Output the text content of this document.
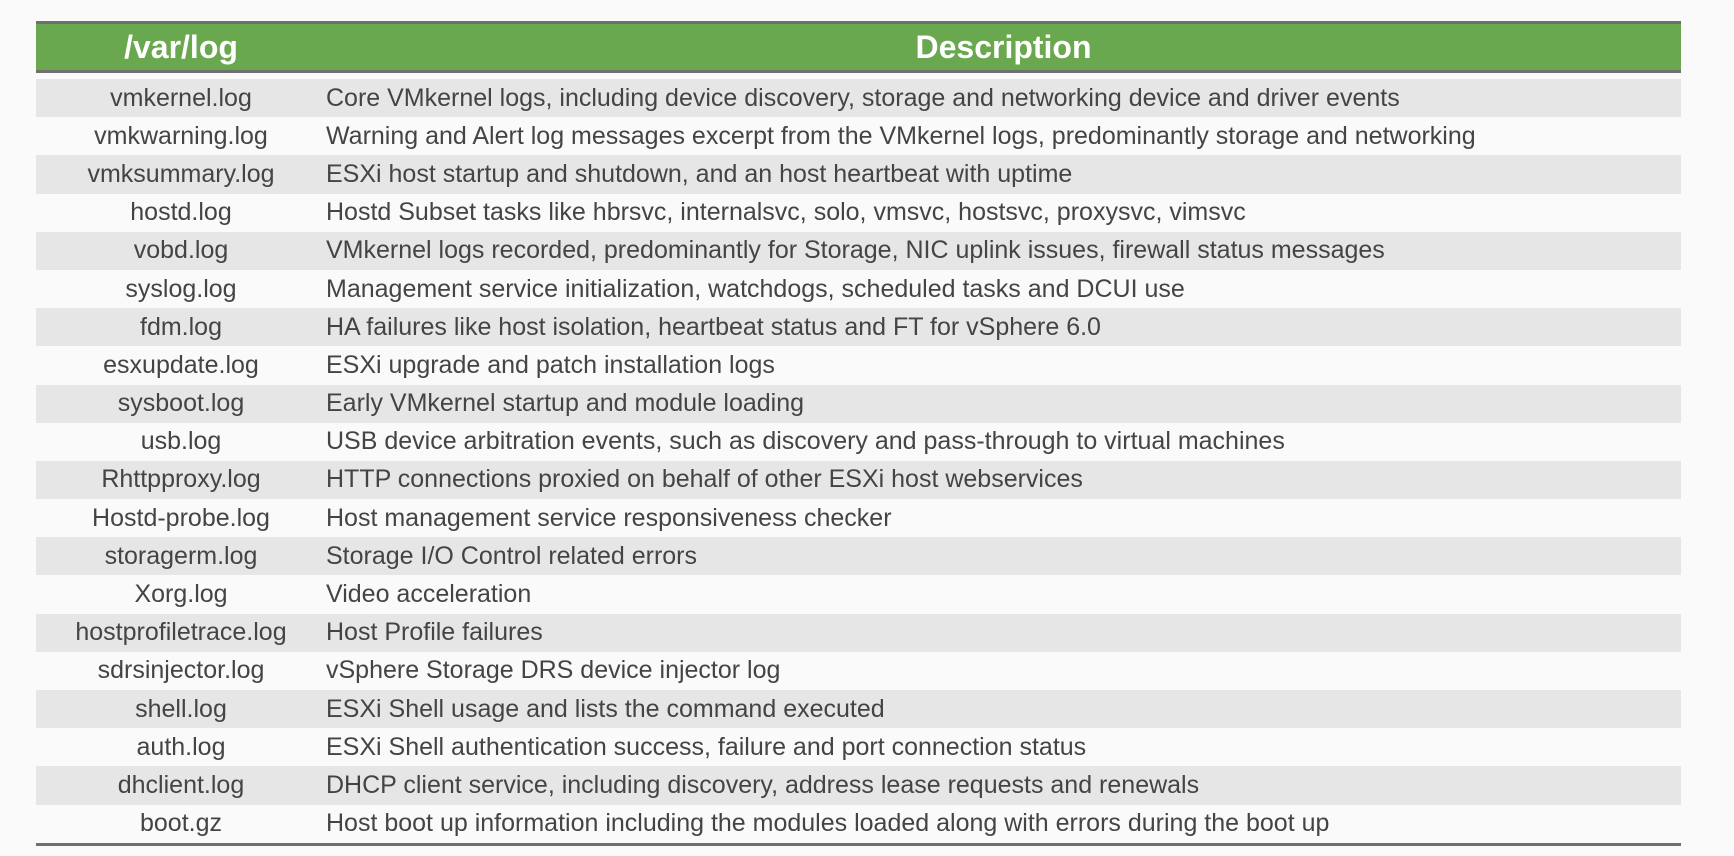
/var/log	Description
vmkernel.log	Core VMkernel logs, including device discovery, storage and networking device and driver events
vmkwarning.log	Warning and Alert log messages excerpt from the VMkernel logs, predominantly storage and networking
vmksummary.log	ESXi host startup and shutdown, and an host heartbeat with uptime
hostd.log	Hostd Subset tasks like hbrsvc, internalsvc, solo, vmsvc, hostsvc, proxysvc, vimsvc
vobd.log	VMkernel logs recorded, predominantly for Storage, NIC uplink issues, firewall status messages
syslog.log	Management service initialization, watchdogs, scheduled tasks and DCUI use
fdm.log	HA failures like host isolation, heartbeat status and FT for vSphere 6.0
esxupdate.log	ESXi upgrade and patch installation logs
sysboot.log	Early VMkernel startup and module loading
usb.log	USB device arbitration events, such as discovery and pass-through to virtual machines
Rhttpproxy.log	HTTP connections proxied on behalf of other ESXi host webservices
Hostd-probe.log	Host management service responsiveness checker
storagerm.log	Storage I/O Control related errors
Xorg.log	Video acceleration
hostprofiletrace.log	Host Profile failures
sdrsinjector.log	vSphere Storage DRS device injector log
shell.log	ESXi Shell usage and lists the command executed
auth.log	ESXi Shell authentication success, failure and port connection status
dhclient.log	DHCP client service, including discovery, address lease requests and renewals
boot.gz	Host boot up information including the modules loaded along with errors during the boot up
